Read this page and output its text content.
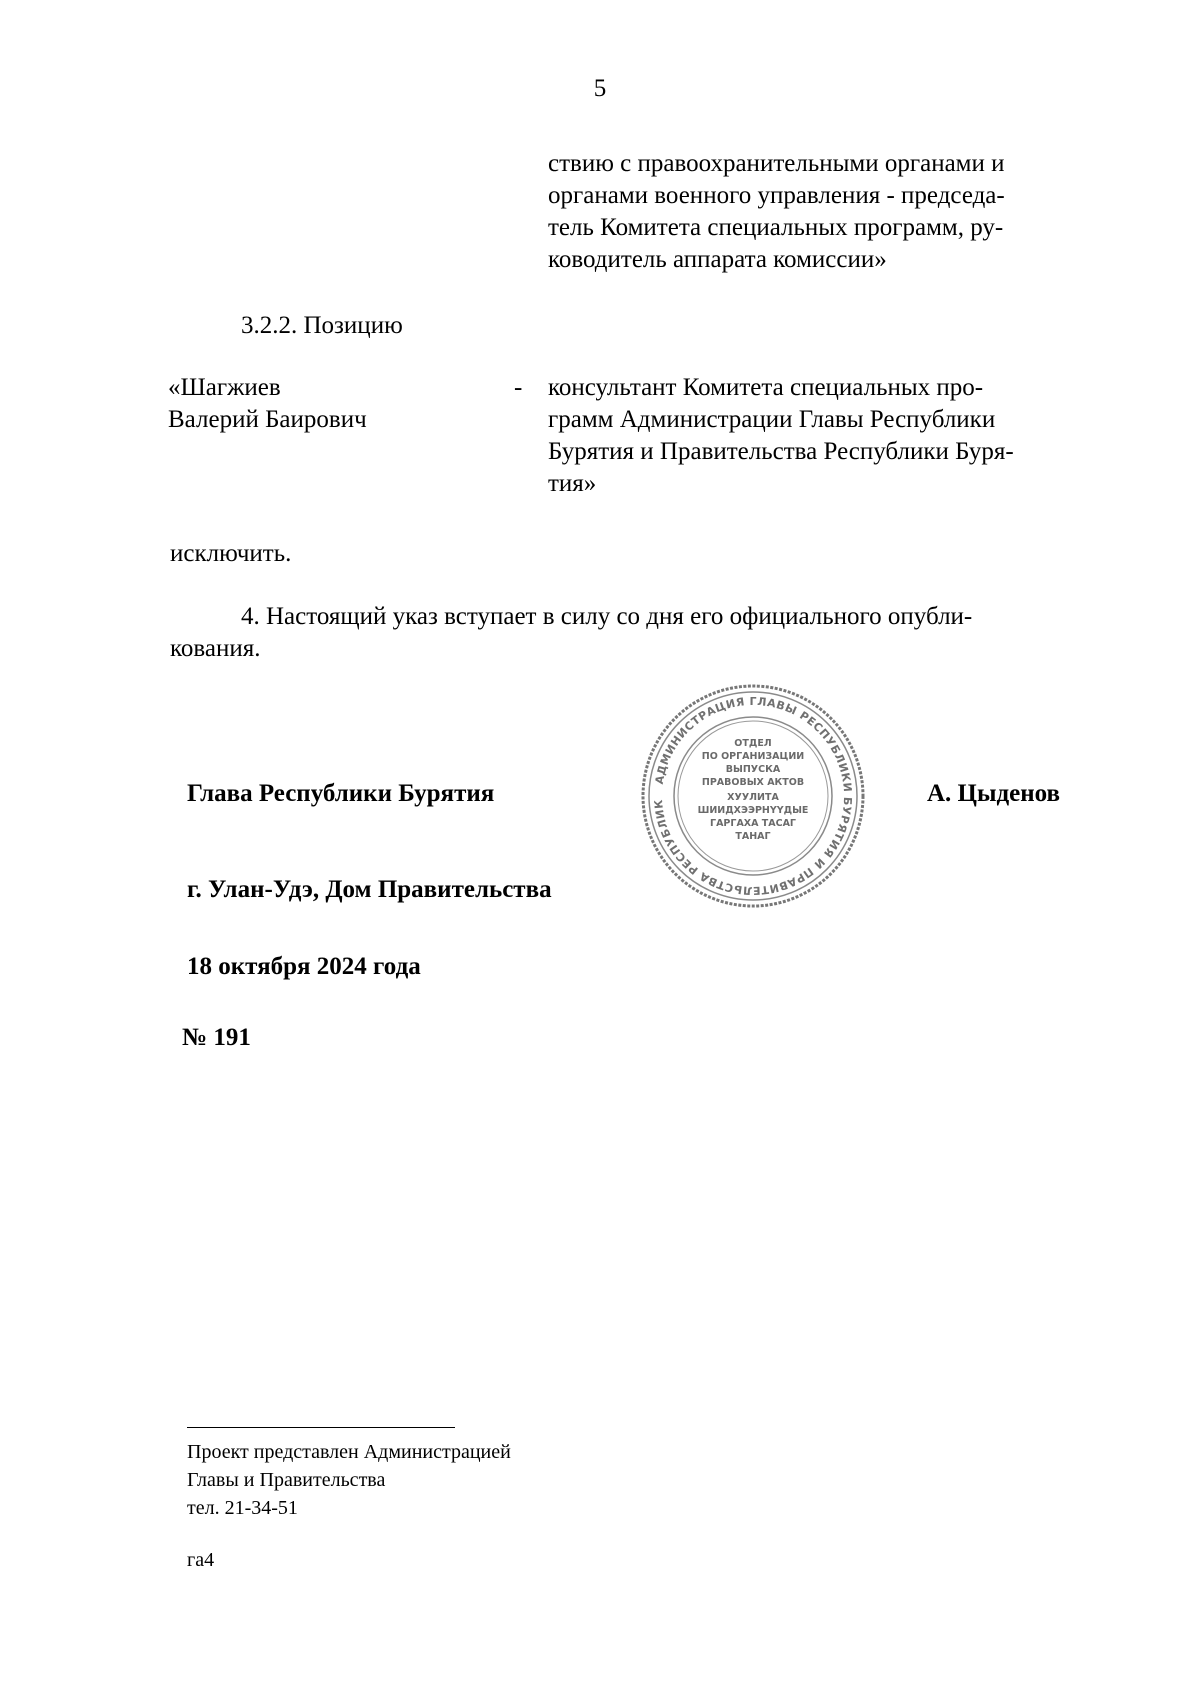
5
ствию с правоохранительными органами и
органами военного управления - председа-
тель Комитета специальных программ, ру-
ководитель аппарата комиссии»
3.2.2. Позицию
«Шагжиев
Валерий Баирович
- консультант Комитета специальных про-
грамм Администрации Главы Республики
Бурятия и Правительства Республики Буря-
тия»
исключить.
4. Настоящий указ вступает в силу со дня его официального опубли-
кования.
АДМИНИСТРАЦИЯ ГЛАВЫ РЕСПУБЛИКИ БУРЯТИЯ И ПРАВИТЕЛЬСТВА РЕСПУБЛИК
ОТДЕЛ
ПО ОРГАНИЗАЦИИ
ВЫПУСКА
ПРАВОВЫХ АКТОВ
ХУУЛИТА
ШИИДХЭЭРНҮҮДЫЕ
ГАРГАХА ТАСАГ
ТАНАГ
Глава Республики Бурятия	А. Цыденов
г. Улан-Удэ, Дом Правительства
18 октября 2024 года
№ 191
Проект представлен Администрацией
Главы и Правительства
тел. 21-34-51
га4
